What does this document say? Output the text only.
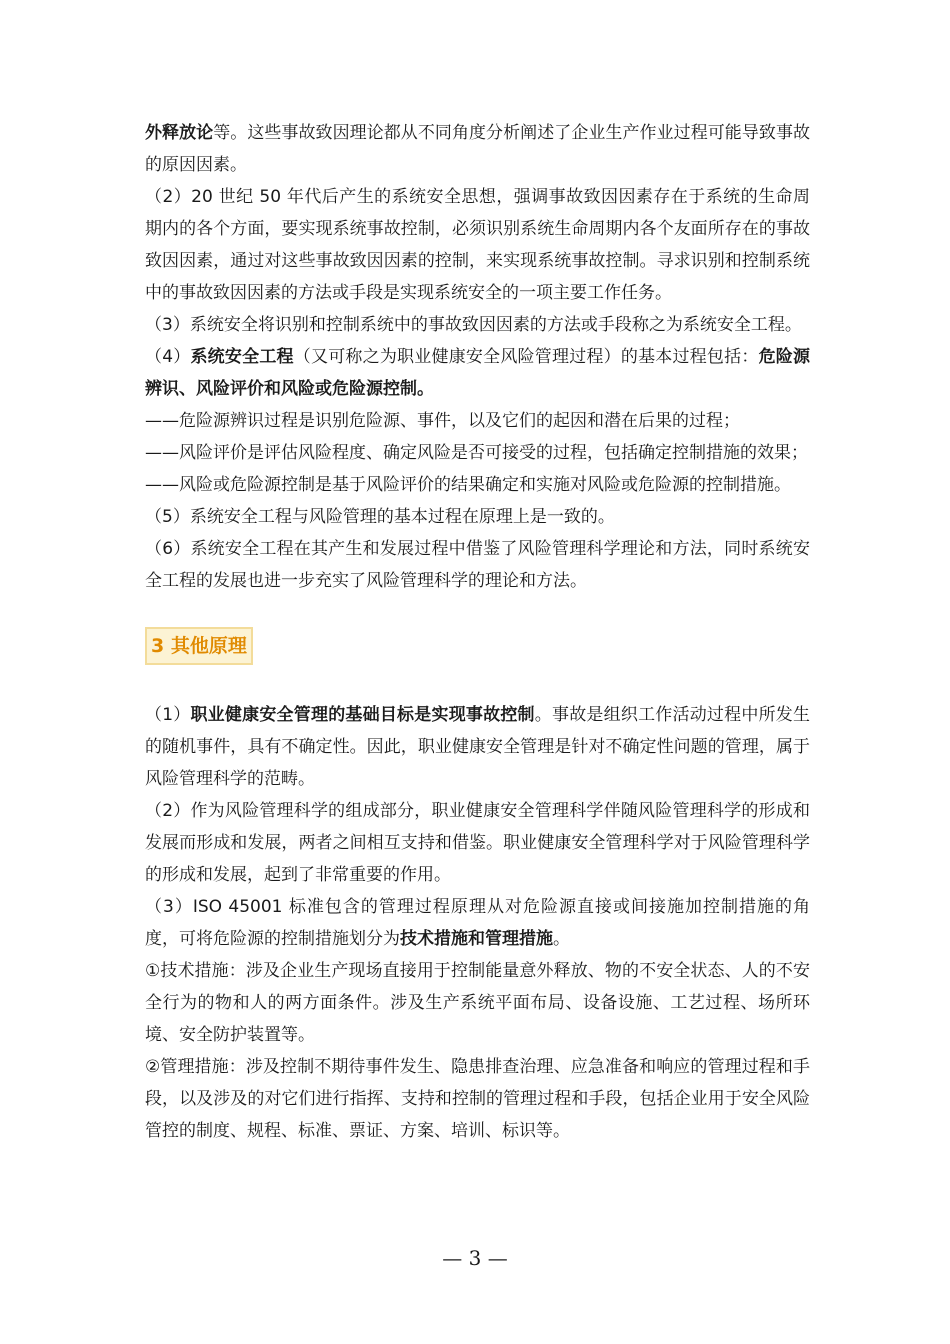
外释放论等。这些事故致因理论都从不同角度分析阐述了企业生产作业过程可能导致事故的原因因素。

（2）20 世纪 50 年代后产生的系统安全思想，强调事故致因因素存在于系统的生命周期内的各个方面，要实现系统事故控制，必须识别系统生命周期内各个友面所存在的事故致因因素，通过对这些事故致因因素的控制，来实现系统事故控制。寻求识别和控制系统中的事故致因因素的方法或手段是实现系统安全的一项主要工作任务。

（3）系统安全将识别和控制系统中的事故致因因素的方法或手段称之为系统安全工程。

（4）系统安全工程（又可称之为职业健康安全风险管理过程）的基本过程包括：危险源辨识、风险评价和风险或危险源控制。

——危险源辨识过程是识别危险源、事件，以及它们的起因和潜在后果的过程；

——风险评价是评估风险程度、确定风险是否可接受的过程，包括确定控制措施的效果；

——风险或危险源控制是基于风险评价的结果确定和实施对风险或危险源的控制措施。

（5）系统安全工程与风险管理的基本过程在原理上是一致的。

（6）系统安全工程在其产生和发展过程中借鉴了风险管理科学理论和方法，同时系统安全工程的发展也进一步充实了风险管理科学的理论和方法。

3 其他原理

（1）职业健康安全管理的基础目标是实现事故控制。事故是组织工作活动过程中所发生的随机事件，具有不确定性。因此，职业健康安全管理是针对不确定性问题的管理，属于风险管理科学的范畴。

（2）作为风险管理科学的组成部分，职业健康安全管理科学伴随风险管理科学的形成和发展而形成和发展，两者之间相互支持和借鉴。职业健康安全管理科学对于风险管理科学的形成和发展，起到了非常重要的作用。

（3）ISO 45001 标准包含的管理过程原理从对危险源直接或间接施加控制措施的角度，可将危险源的控制措施划分为技术措施和管理措施。

①技术措施：涉及企业生产现场直接用于控制能量意外释放、物的不安全状态、人的不安全行为的物和人的两方面条件。涉及生产系统平面布局、设备设施、工艺过程、场所环境、安全防护装置等。

②管理措施：涉及控制不期待事件发生、隐患排查治理、应急准备和响应的管理过程和手段，以及涉及的对它们进行指挥、支持和控制的管理过程和手段，包括企业用于安全风险管控的制度、规程、标准、票证、方案、培训、标识等。

— 3 —
